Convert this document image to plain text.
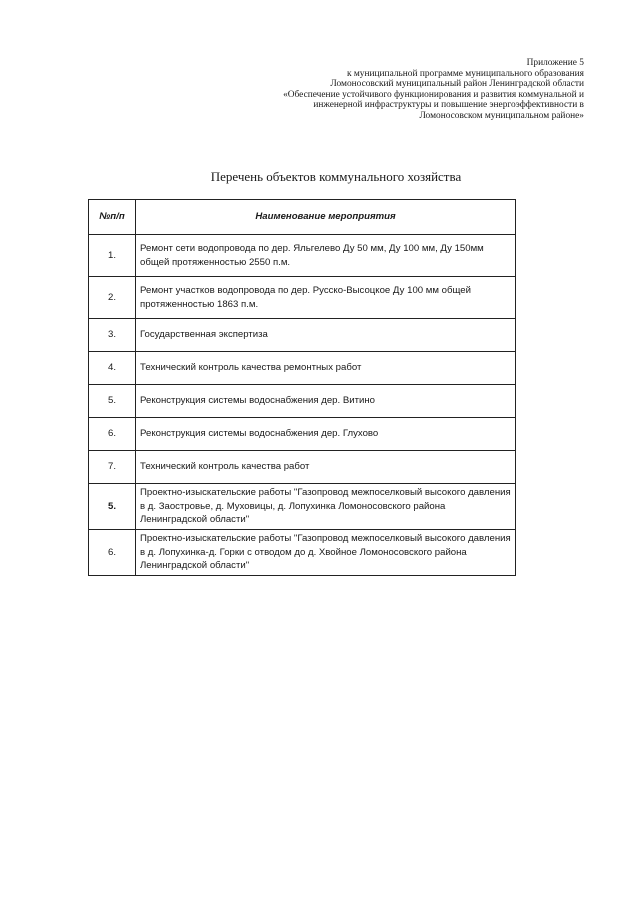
Приложение 5
к муниципальной программе муниципального образования
Ломоносовский муниципальный район Ленинградской области
«Обеспечение устойчивого функционирования и развития коммунальной и
инженерной инфраструктуры и повышение энергоэффективности в
Ломоносовском муниципальном районе»
Перечень объектов коммунального хозяйства
№п/п	Наименование мероприятия
1.	Ремонт сети водопровода по дер. Яльгелево Ду 50 мм, Ду 100 мм, Ду 150мм общей протяженностью 2550 п.м.
2.	Ремонт участков водопровода по дер. Русско-Высоцкое Ду 100 мм общей протяженностью 1863 п.м.
3.	Государственная экспертиза
4.	Технический контроль качества ремонтных работ
5.	Реконструкция системы водоснабжения дер. Витино
6.	Реконструкция системы водоснабжения дер. Глухово
7.	Технический контроль качества работ
5.	Проектно-изыскательские работы "Газопровод межпоселковый высокого давления в д. Заостровье, д. Муховицы, д. Лопухинка Ломоносовского района Ленинградской области"
6.	Проектно-изыскательские работы "Газопровод межпоселковый высокого давления в д. Лопухинка-д. Горки с отводом до д. Хвойное Ломоносовского района Ленинградской области"
